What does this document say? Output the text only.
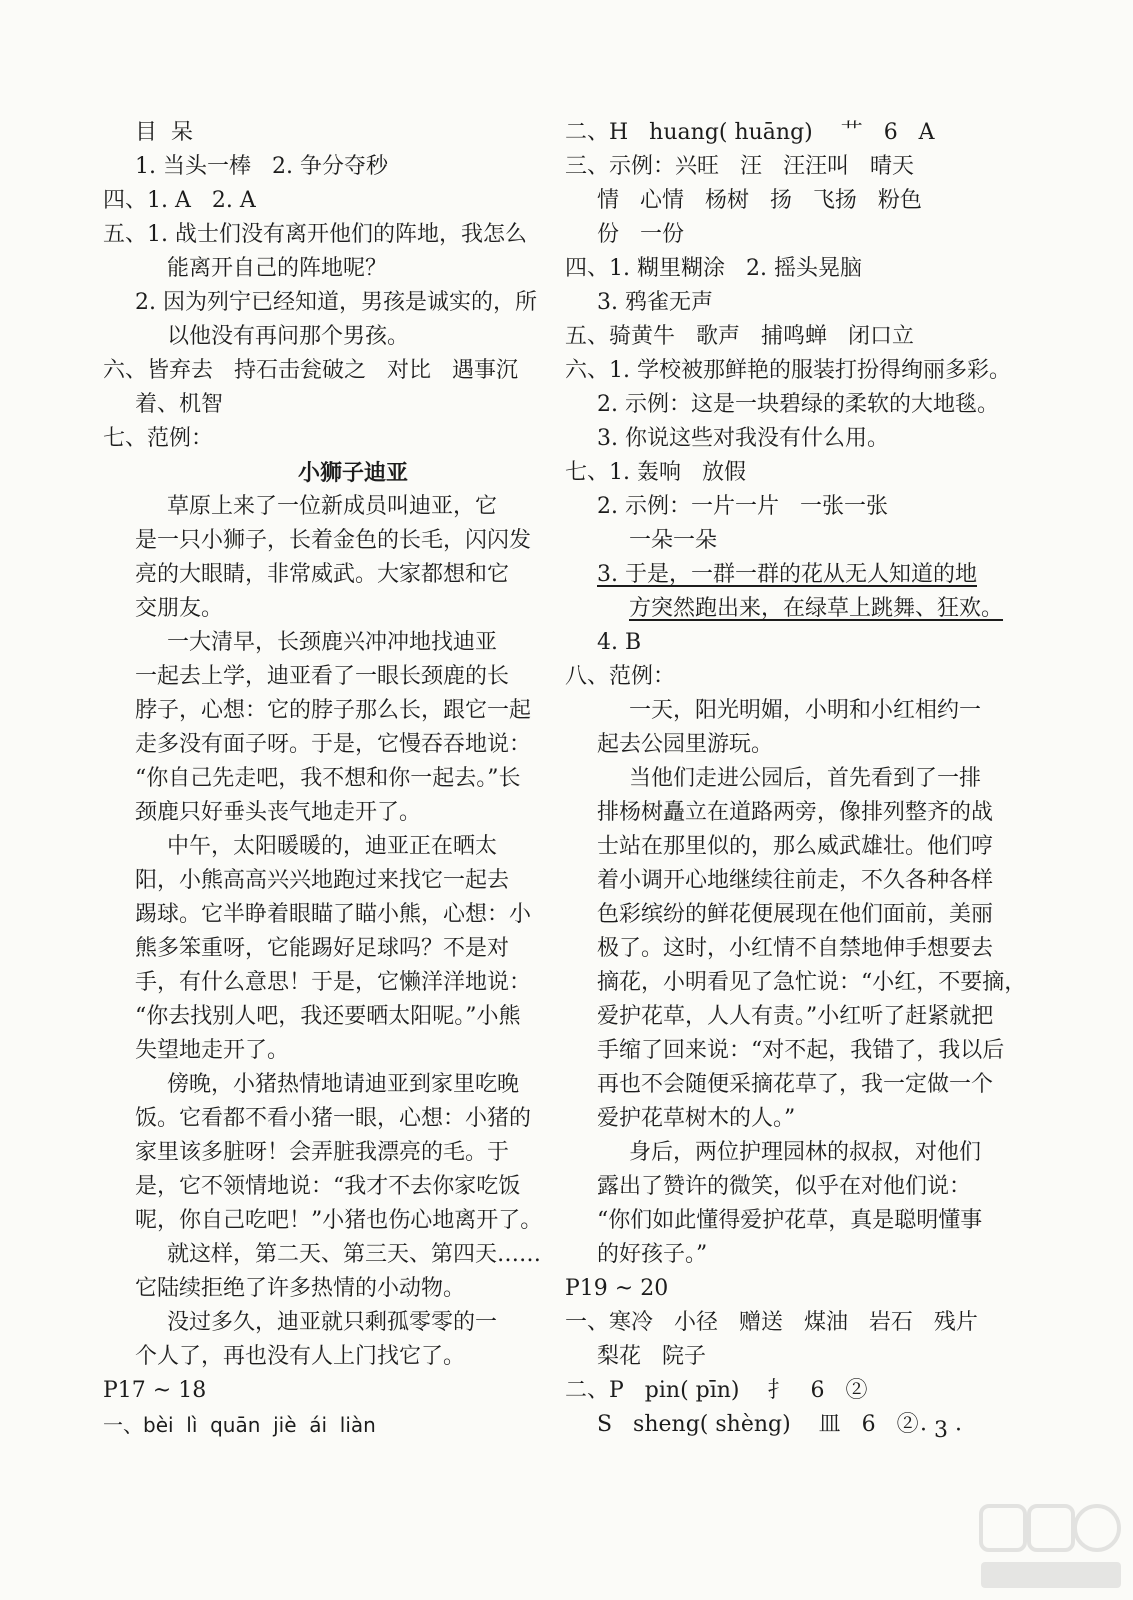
目  呆
1. 当头一棒   2. 争分夺秒
四、1. A   2. A
五、1. 战士们没有离开他们的阵地，我怎么
能离开自己的阵地呢？
2. 因为列宁已经知道，男孩是诚实的，所
以他没有再问那个男孩。
六、皆弃去   持石击瓮破之   对比   遇事沉
着、机智
七、范例：
小狮子迪亚
草原上来了一位新成员叫迪亚，它
是一只小狮子，长着金色的长毛，闪闪发
亮的大眼睛，非常威武。大家都想和它
交朋友。
一大清早，长颈鹿兴冲冲地找迪亚
一起去上学，迪亚看了一眼长颈鹿的长
脖子，心想：它的脖子那么长，跟它一起
走多没有面子呀。于是，它慢吞吞地说：
“你自己先走吧，我不想和你一起去。”长
颈鹿只好垂头丧气地走开了。
中午，太阳暖暖的，迪亚正在晒太
阳，小熊高高兴兴地跑过来找它一起去
踢球。它半睁着眼瞄了瞄小熊，心想：小
熊多笨重呀，它能踢好足球吗？不是对
手，有什么意思！于是，它懒洋洋地说：
“你去找别人吧，我还要晒太阳呢。”小熊
失望地走开了。
傍晚，小猪热情地请迪亚到家里吃晚
饭。它看都不看小猪一眼，心想：小猪的
家里该多脏呀！会弄脏我漂亮的毛。于
是，它不领情地说：“我才不去你家吃饭
呢，你自己吃吧！”小猪也伤心地离开了。
就这样，第二天、第三天、第四天……
它陆续拒绝了许多热情的小动物。
没过多久，迪亚就只剩孤零零的一
个人了，再也没有人上门找它了。
P17 ~ 18
一、bèi  lì  quān  jiè  ái  liàn
二、H   huang( huāng)    艹   6   A
三、示例：兴旺   汪   汪汪叫   晴天
情   心情   杨树   扬   飞扬   粉色
份   一份
四、1. 糊里糊涂   2. 摇头晃脑
3. 鸦雀无声
五、骑黄牛   歌声   捕鸣蝉   闭口立
六、1. 学校被那鲜艳的服装打扮得绚丽多彩。
2. 示例：这是一块碧绿的柔软的大地毯。
3. 你说这些对我没有什么用。
七、1. 轰响   放假
2. 示例：一片一片   一张一张
一朵一朵
3. 于是，一群一群的花从无人知道的地
方突然跑出来，在绿草上跳舞、狂欢。
4. B
八、范例：
一天，阳光明媚，小明和小红相约一
起去公园里游玩。
当他们走进公园后，首先看到了一排
排杨树矗立在道路两旁，像排列整齐的战
士站在那里似的，那么威武雄壮。他们哼
着小调开心地继续往前走，不久各种各样
色彩缤纷的鲜花便展现在他们面前，美丽
极了。这时，小红情不自禁地伸手想要去
摘花，小明看见了急忙说：“小红，不要摘，
爱护花草，人人有责。”小红听了赶紧就把
手缩了回来说：“对不起，我错了，我以后
再也不会随便采摘花草了，我一定做一个
爱护花草树木的人。”
身后，两位护理园林的叔叔，对他们
露出了赞许的微笑，似乎在对他们说：
“你们如此懂得爱护花草，真是聪明懂事
的好孩子。”
P19 ~ 20
一、寒冷   小径   赠送   煤油   岩石   残片
梨花   院子
二、P   pin( pīn)    扌   6   ②
S   sheng( shèng)    皿   6   ② · 3 ·
